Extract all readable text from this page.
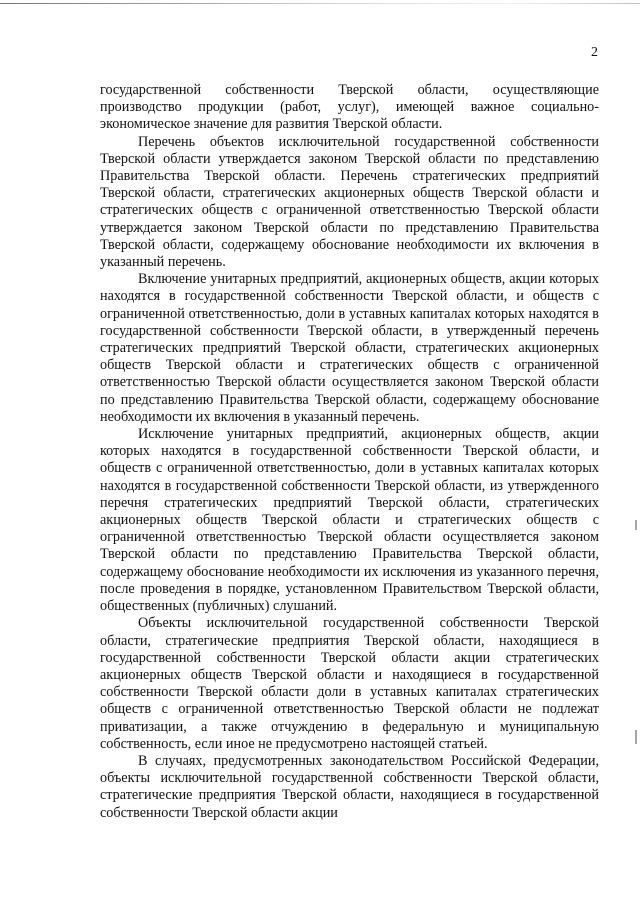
2

государственной собственности Тверской области, осуществляющие производство продукции (работ, услуг), имеющей важное социально-экономическое значение для развития Тверской области.

Перечень объектов исключительной государственной собственности Тверской области утверждается законом Тверской области по представлению Правительства Тверской области. Перечень стратегических предприятий Тверской области, стратегических акционерных обществ Тверской области и стратегических обществ с ограниченной ответственностью Тверской области утверждается законом Тверской области по представлению Правительства Тверской области, содержащему обоснование необходимости их включения в указанный перечень.

Включение унитарных предприятий, акционерных обществ, акции которых находятся в государственной собственности Тверской области, и обществ с ограниченной ответственностью, доли в уставных капиталах которых находятся в государственной собственности Тверской области, в утвержденный перечень стратегических предприятий Тверской области, стратегических акционерных обществ Тверской области и стратегических обществ с ограниченной ответственностью Тверской области осуществляется законом Тверской области по представлению Правительства Тверской области, содержащему обоснование необходимости их включения в указанный перечень.

Исключение унитарных предприятий, акционерных обществ, акции которых находятся в государственной собственности Тверской области, и обществ с ограниченной ответственностью, доли в уставных капиталах которых находятся в государственной собственности Тверской области, из утвержденного перечня стратегических предприятий Тверской области, стратегических акционерных обществ Тверской области и стратегических обществ с ограниченной ответственностью Тверской области осуществляется законом Тверской области по представлению Правительства Тверской области, содержащему обоснование необходимости их исключения из указанного перечня, после проведения в порядке, установленном Правительством Тверской области, общественных (публичных) слушаний.

Объекты исключительной государственной собственности Тверской области, стратегические предприятия Тверской области, находящиеся в государственной собственности Тверской области акции стратегических акционерных обществ Тверской области и находящиеся в государственной собственности Тверской области доли в уставных капиталах стратегических обществ с ограниченной ответственностью Тверской области не подлежат приватизации, а также отчуждению в федеральную и муниципальную собственность, если иное не предусмотрено настоящей статьей.

В случаях, предусмотренных законодательством Российской Федерации, объекты исключительной государственной собственности Тверской области, стратегические предприятия Тверской области, находящиеся в государственной собственности Тверской области акции
